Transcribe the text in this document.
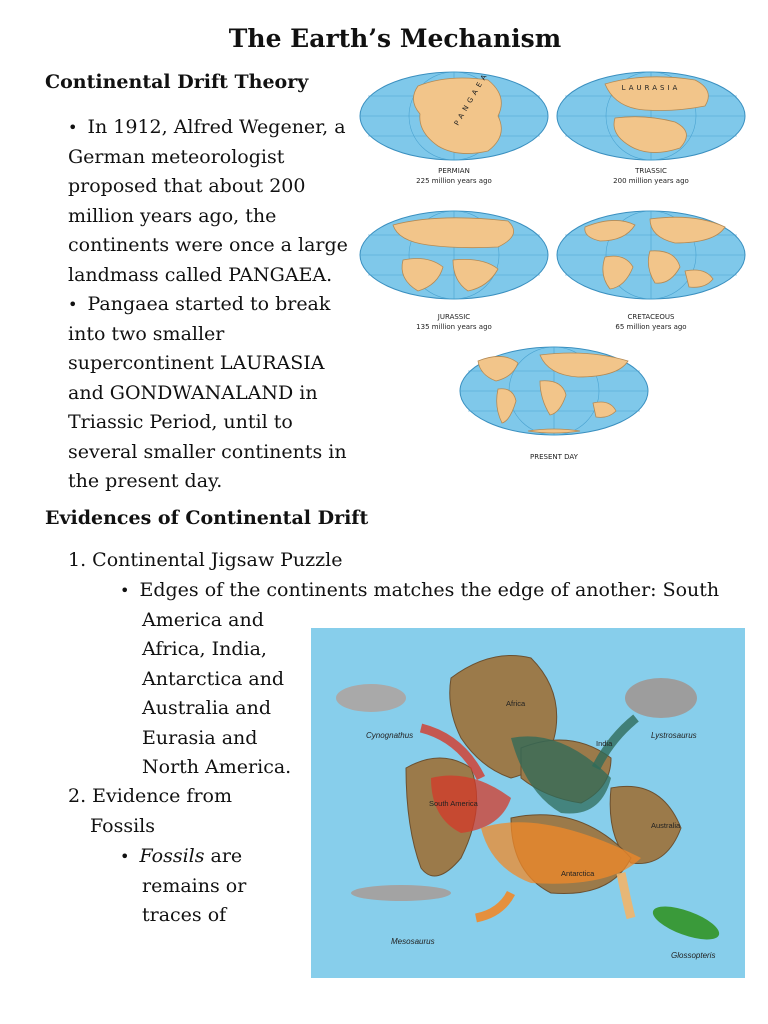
The Earth’s Mechanism
Continental Drift Theory
• In 1912, Alfred Wegener, a
German meteorologist
proposed that about 200
million years ago, the
continents were once a large
landmass called PANGAEA.
• Pangaea started to break
into two smaller
supercontinent LAURASIA
and GONDWANALAND in
Triassic Period, until to
several smaller continents in
the present day.
PANGAEA
PERMIAN
225 million years ago
LAURASIA
TRIASSIC
200 million years ago
JURASSIC
135 million years ago
CRETACEOUS
65 million years ago
PRESENT DAY
Evidences of Continental Drift
1. Continental Jigsaw Puzzle
• Edges of the continents matches the edge of another: South
America and
Africa, India,
Antarctica and
Australia and
Eurasia and
North America.
2. Evidence from
Fossils
• Fossils are
remains or
traces of
Cynognathus	Lystrosaurus
Mesosaurus
Glossopteris
Africa
South America
India
Australia
Antarctica
